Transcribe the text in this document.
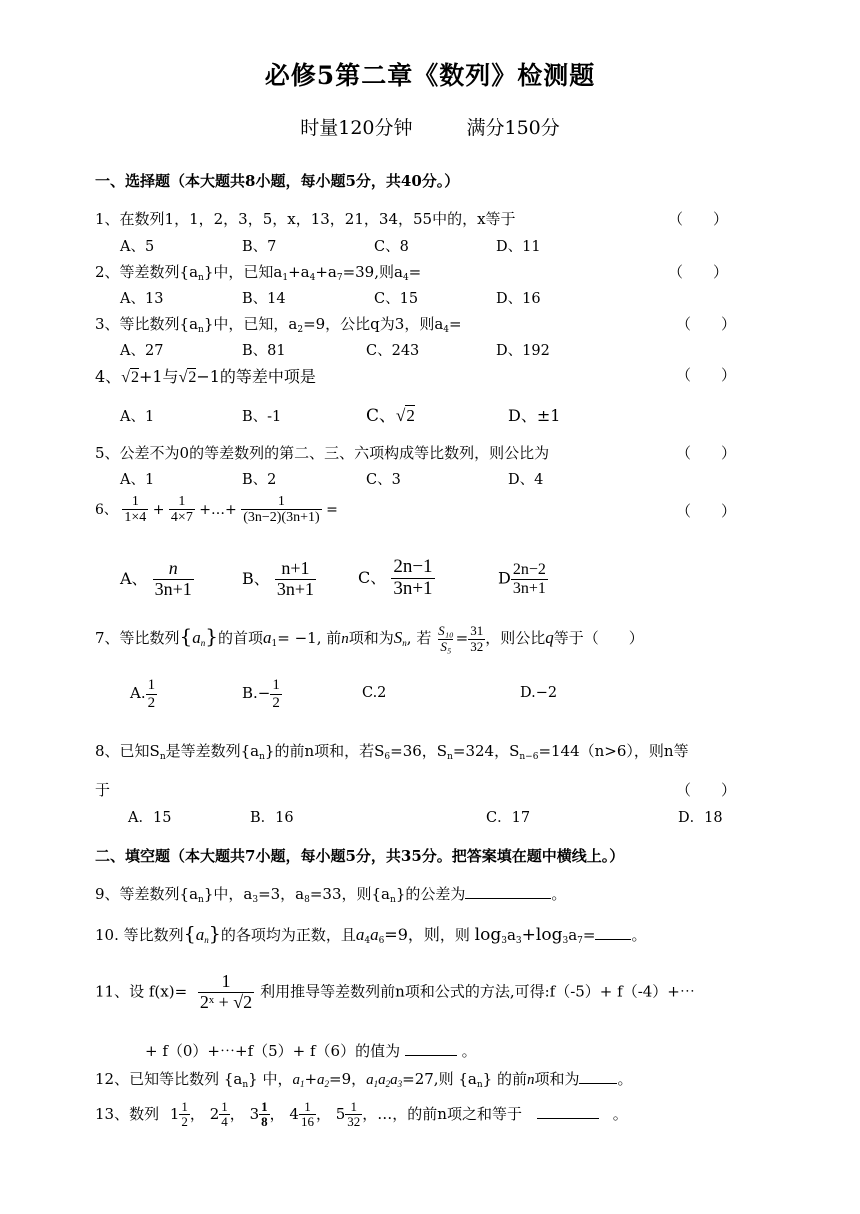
必修5第二章《数列》检测题
时量120分钟	满分150分
一、选择题（本大题共8小题，每小题5分，共40分。）
1、在数列1，1，2，3，5，x，13，21，34，55中的，x等于	（　　）
A、5	B、7	C、8	D、11
2、等差数列$\{a_n\}$中，已知$a_1+a_4+a_7=39$,则$a_4=$	（　　）
A、13	B、14	C、15	D、16
3、等比数列$\{a_n\}$中，已知，$a_2=9$，公比q为3，则$a_4=$	（　　）
A、27	B、81	C、243	D、192
4、√2+1与√2−1的等差中项是	（　　）
A、1	B、-1	C、√2	D、±1
5、公差不为0的等差数列的第二、三、六项构成等比数列，则公比为	（　　）
A、1	B、2	C、3	D、4
6、 $\frac{1}{1\times 4} + \frac{1}{4\times 7}$ +…+ $\frac{1}{(3n-2)(3n+1)}$ =	（　　）
A、 $\frac{n}{3n+1}$	B、 $\frac{n+1}{3n+1}$	C、 $\frac{2n-1}{3n+1}$	D $\frac{2n-2}{3n+1}$
7、等比数列$\{a_n\}$的首项$a_1= -1$, 前n项和为$S_n$, 若 $\frac{\text{S₁₀}}{\text{S₅}} = \frac{31}{32}$ ，则公比q等于（　　）
A. $\frac{1}{2}$	$B.- \frac{1}{2}$	C.2	D.−2
8、已知$S_n$是等差数列$\{a_n\}$的前n项和，若$S_6=36$，$S_n=324$，$S_{n-6}=144(n>6)$，则n等
于	（　　）
A．15	B．16	C．17	D．18
二、填空题（本大题共7小题，每小题5分，共35分。把答案填在题中横线上。）
9、等差数列$\{a_n\}$中，$a_3=3$，$a_8=33$，则$\{a_n\}$的公差为	。
10. 等比数列$\{a_n\}$的各项均为正数，且$a_4a_6=9$，则，则 $\log_3a_3+\log_3a_7=$ 。
11、设 $f(x)= \frac{1}{\text{2ˣ + √2}}$ 利用推导等差数列前n项和公式的方法,可得:f（-5）+ f（-4）+⋯
+ f（0）+⋯+f（5）+ f（6）的值为	。
12、已知等比数列 $\{a_n\}$ 中，$a_1+a_2=9$，$a_1a_2a_3=27$,则 $\{a_n\}$ 的前n项和为	。
13、数列 $1 \frac{1}{2}$ ， $2 \frac{1}{4}$ ， $3 \frac{1}{8}$ ， $4 \frac{1}{16}$ ， $5 \frac{1}{32}$ ，…，的前n项之和等于	。
